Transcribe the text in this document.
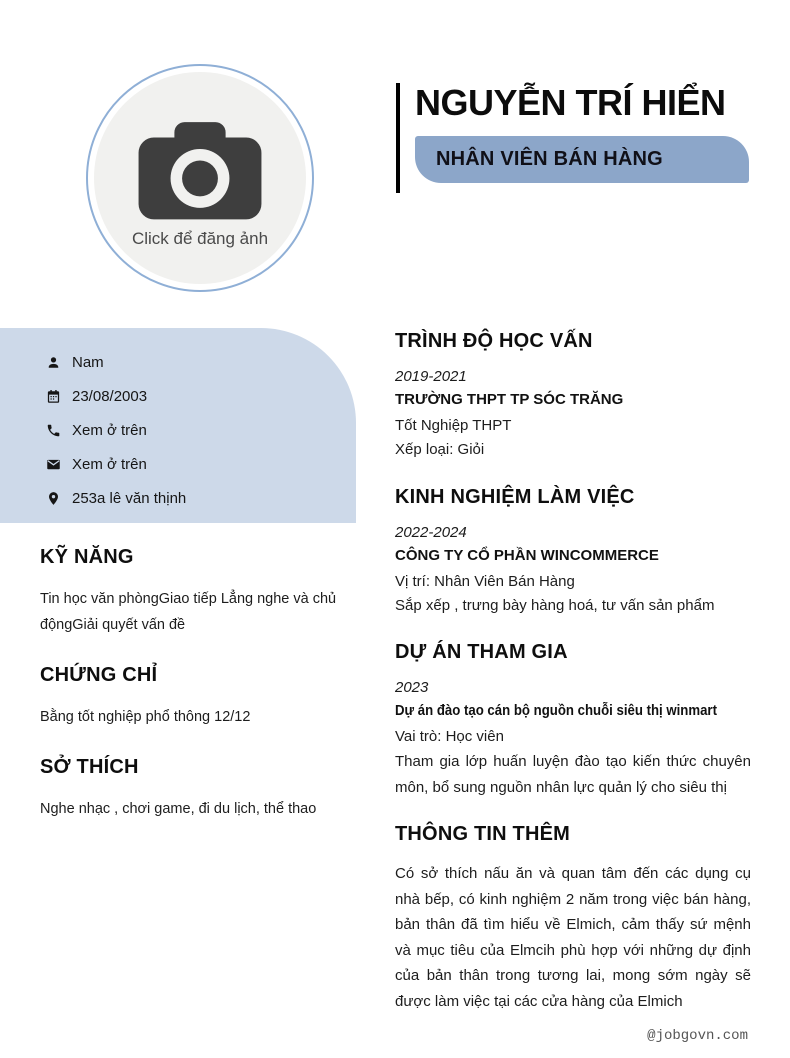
Click để đăng ảnh
NGUYỄN TRÍ HIỂN
NHÂN VIÊN BÁN HÀNG
Nam
23/08/2003
Xem ở trên
Xem ở trên
253a lê văn thịnh
KỸ NĂNG

Tin học văn phòngGiao tiếp Lẳng nghe và chủ độngGiải quyết vấn đề

CHỨNG CHỈ

Bằng tốt nghiệp phổ thông 12/12

SỞ THÍCH

Nghe nhạc , chơi game, đi du lịch, thể thao

TRÌNH ĐỘ HỌC VẤN
2019-2021
TRƯỜNG THPT TP SÓC TRĂNG
Tốt Nghiệp THPT
Xếp loại: Giỏi
KINH NGHIỆM LÀM VIỆC
2022-2024
CÔNG TY CỔ PHẦN WINCOMMERCE
Vị trí: Nhân Viên Bán Hàng
Sắp xếp , trưng bày hàng hoá, tư vấn sản phẩm
DỰ ÁN THAM GIA
2023
Dự án đào tạo cán bộ nguồn chuỗi siêu thị winmart
Vai trò: Học viên
Tham gia lớp huấn luyện đào tạo kiến thức chuyên môn, bổ sung nguồn nhân lực quản lý cho siêu thị
THÔNG TIN THÊM
Có sở thích nấu ăn và quan tâm đến các dụng cụ nhà bếp, có kinh nghiệm 2 năm trong việc bán hàng, bản thân đã tìm hiểu về Elmich, cảm thấy sứ mệnh và mục tiêu của Elmcih phù hợp với những dự định của bản thân trong tương lai, mong sớm ngày sẽ được làm việc tại các cửa hàng của Elmich
@jobgovn.com
